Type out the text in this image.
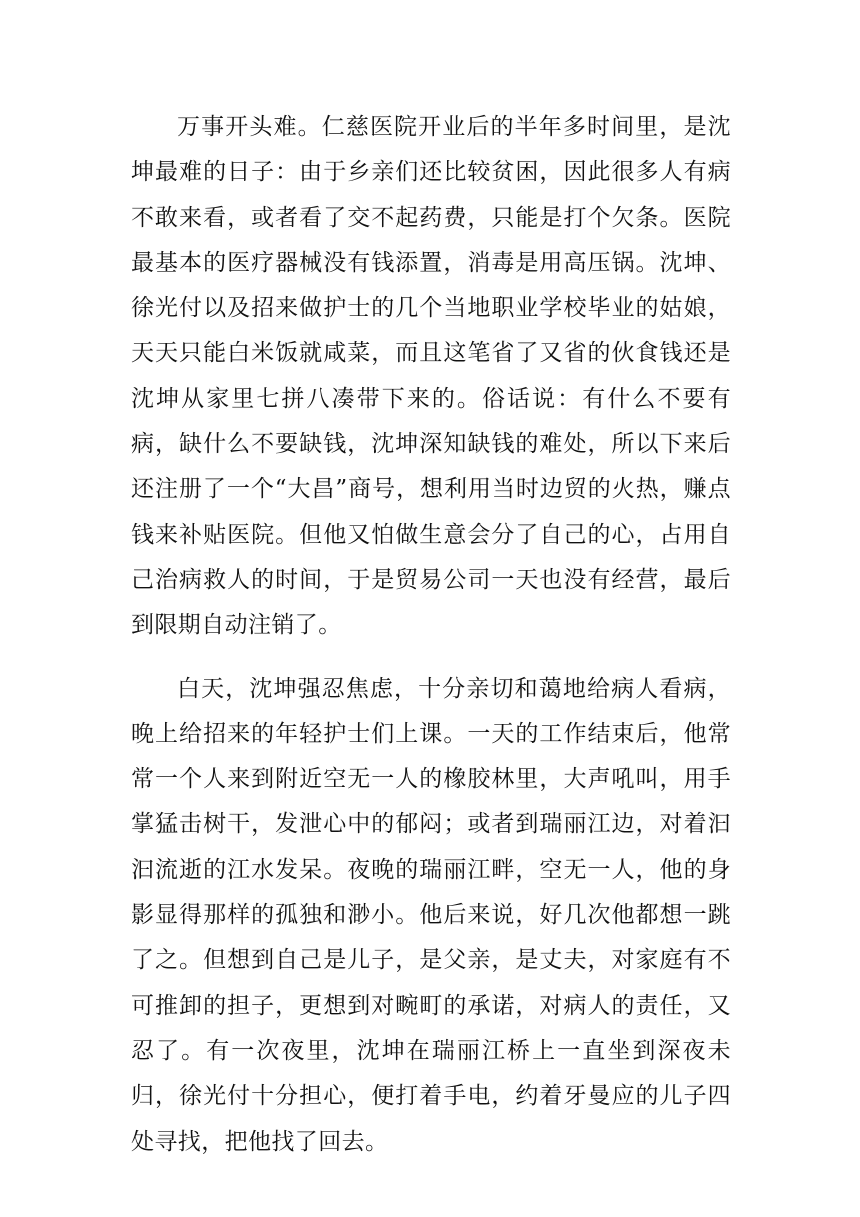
万事开头难。仁慈医院开业后的半年多时间里，是沈坤最难的日子：由于乡亲们还比较贫困，因此很多人有病不敢来看，或者看了交不起药费，只能是打个欠条。医院最基本的医疗器械没有钱添置，消毒是用高压锅。沈坤、徐光付以及招来做护士的几个当地职业学校毕业的姑娘，天天只能白米饭就咸菜，而且这笔省了又省的伙食钱还是沈坤从家里七拼八凑带下来的。俗话说：有什么不要有病，缺什么不要缺钱，沈坤深知缺钱的难处，所以下来后还注册了一个“大昌”商号，想利用当时边贸的火热，赚点钱来补贴医院。但他又怕做生意会分了自己的心，占用自己治病救人的时间，于是贸易公司一天也没有经营，最后到限期自动注销了。

白天，沈坤强忍焦虑，十分亲切和蔼地给病人看病，晚上给招来的年轻护士们上课。一天的工作结束后，他常常一个人来到附近空无一人的橡胶林里，大声吼叫，用手掌猛击树干，发泄心中的郁闷；或者到瑞丽江边，对着汩汩流逝的江水发呆。夜晚的瑞丽江畔，空无一人，他的身影显得那样的孤独和渺小。他后来说，好几次他都想一跳了之。但想到自己是儿子，是父亲，是丈夫，对家庭有不可推卸的担子，更想到对畹町的承诺，对病人的责任，又忍了。有一次夜里，沈坤在瑞丽江桥上一直坐到深夜未归，徐光付十分担心，便打着手电，约着牙曼应的儿子四处寻找，把他找了回去。
